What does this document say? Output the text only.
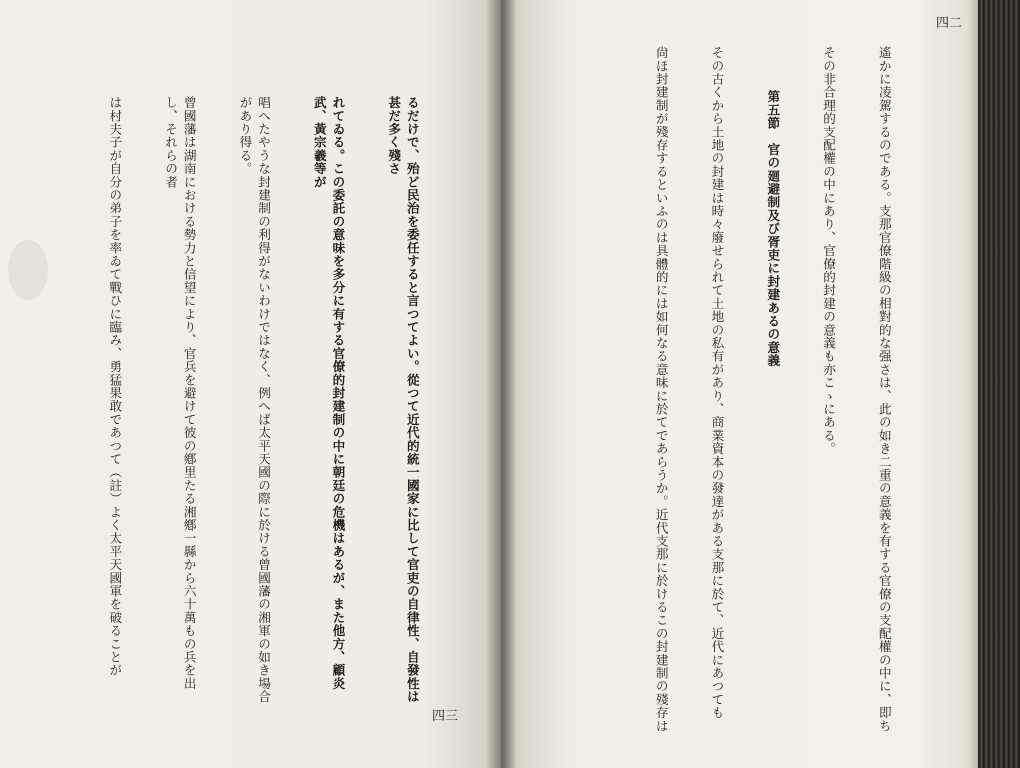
るだけで、殆ど民治を委任すると言つてよい。從つて近代的統一國家に比して官吏の自律性、自發性は甚だ多く殘さ

れてゐる。この委託の意味を多分に有する官僚的封建制の中に朝廷の危機はあるが、また他方、顧炎武、黃宗羲等が

唱へたやうな封建制の利得がないわけではなく、例へば太平天國の際に於ける曾國藩の湘軍の如き場合があり得る。

曾國藩は湖南における勢力と信望により、官兵を避けて彼の鄕里たる湘鄕一縣から六十萬もの兵を出し、それらの者

は村夫子が自分の弟子を率ゐて戰ひに臨み、勇猛果敢であつて（註）よく太平天國軍を破ることが

四三

	遙かに凌駕するのである。支那官僚階級の相對的な强さは、此の如き二重の意義を有する官僚の支配權の中に、即ち

その非合理的支配權の中にあり、官僚的封建の意義も亦こゝにある。

第五節　官の廻避制及び胥吏に封建あるの意義

その古くから土地の封建は時々廢せられて土地の私有があり、商業資本の發達がある支那に於て、近代にあつても

尙ほ封建制が殘存するといふのは具體的には如何なる意味に於てであらうか。近代支那に於けるこの封建制の殘存は

四二
